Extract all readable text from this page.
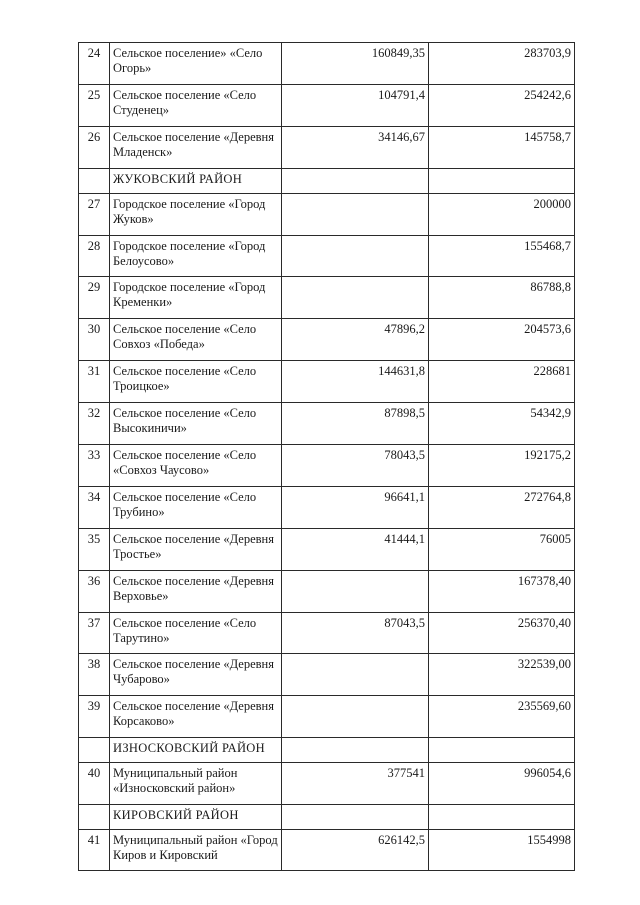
24	Сельское поселение» «Село Огорь»	160849,35	283703,9
25	Сельское поселение «Село Студенец»	104791,4	254242,6
26	Сельское поселение «Деревня Младенск»	34146,67	145758,7
	ЖУКОВСКИЙ РАЙОН		
27	Городское поселение «Город Жуков»		200000
28	Городское поселение «Город Белоусово»		155468,7
29	Городское поселение «Город Кременки»		86788,8
30	Сельское поселение «Село Совхоз «Победа»	47896,2	204573,6
31	Сельское поселение «Село Троицкое»	144631,8	228681
32	Сельское поселение «Село Высокиничи»	87898,5	54342,9
33	Сельское поселение «Село «Совхоз Чаусово»	78043,5	192175,2
34	Сельское поселение «Село Трубино»	96641,1	272764,8
35	Сельское поселение «Деревня Тростье»	41444,1	76005
36	Сельское поселение «Деревня Верховье»		167378,40
37	Сельское поселение «Село Тарутино»	87043,5	256370,40
38	Сельское поселение «Деревня Чубарово»		322539,00
39	Сельское поселение «Деревня Корсаково»		235569,60
	ИЗНОСКОВСКИЙ РАЙОН		
40	Муниципальный район «Износковский район»	377541	996054,6
	КИРОВСКИЙ РАЙОН		
41	Муниципальный район «Город Киров и Кировский	626142,5	1554998
